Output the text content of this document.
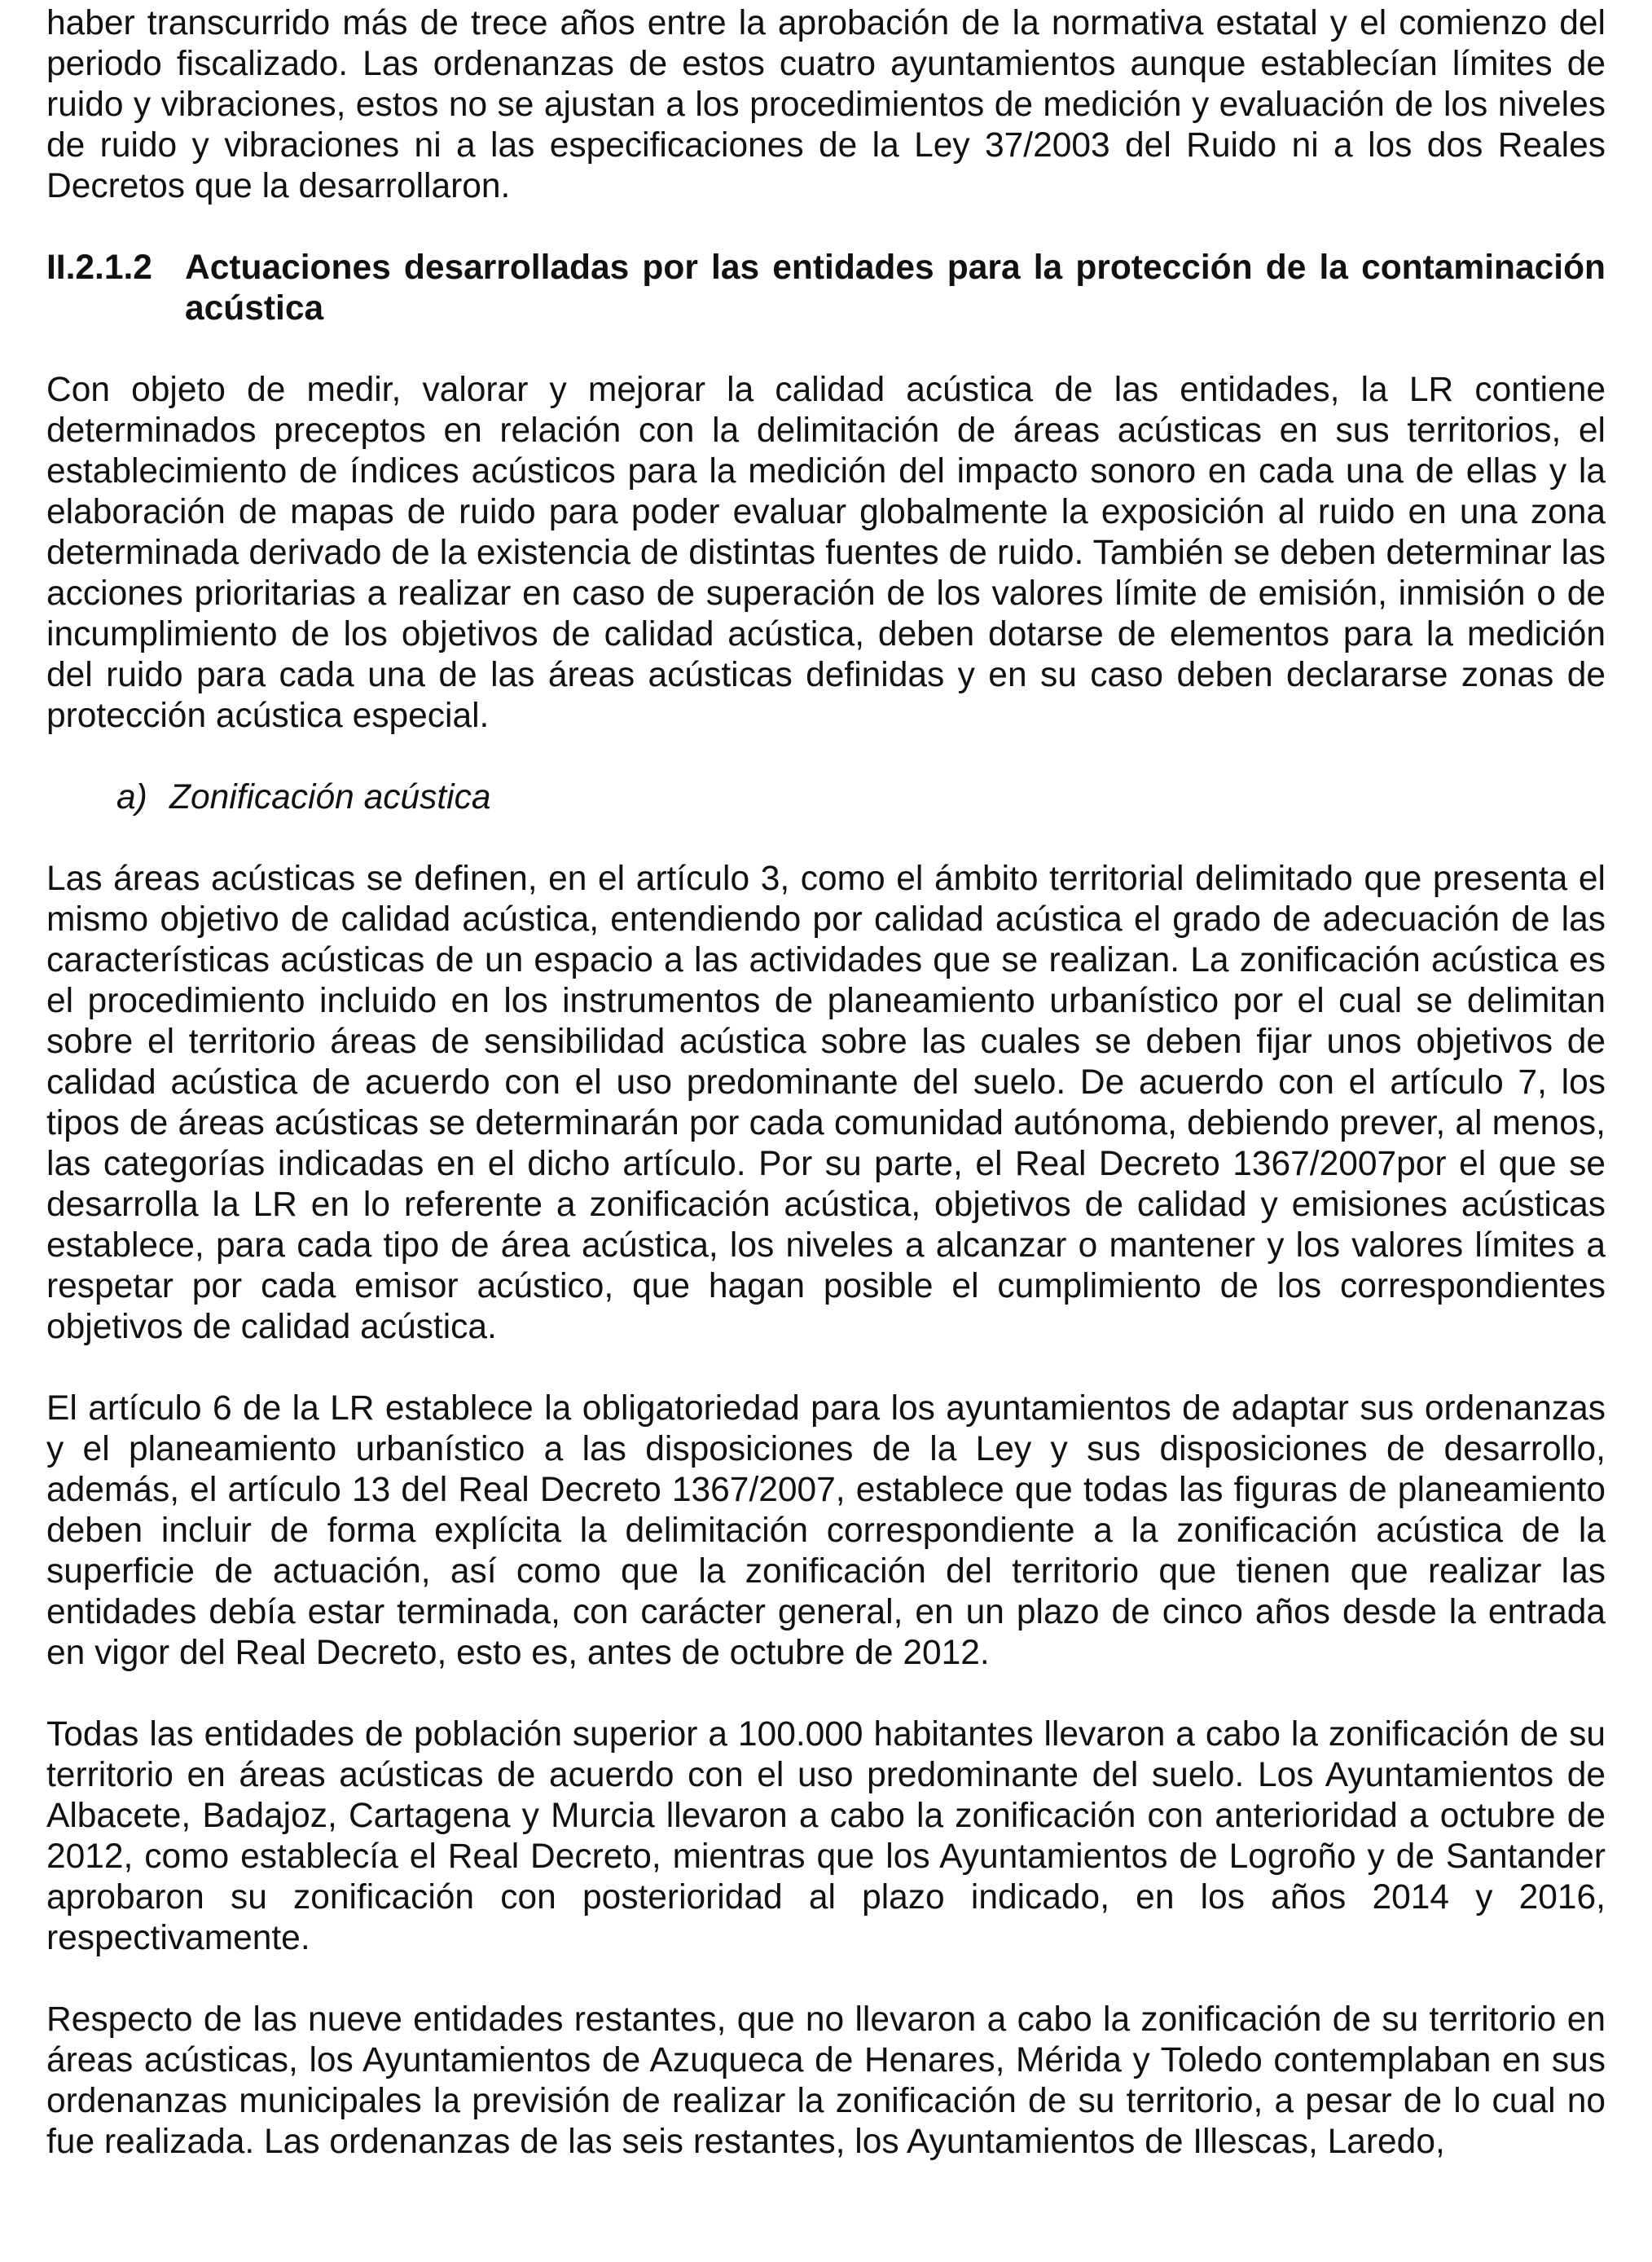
haber transcurrido más de trece años entre la aprobación de la normativa estatal y el comienzo del periodo fiscalizado. Las ordenanzas de estos cuatro ayuntamientos aunque establecían límites de ruido y vibraciones, estos no se ajustan a los procedimientos de medición y evaluación de los niveles de ruido y vibraciones ni a las especificaciones de la Ley 37/2003 del Ruido ni a los dos Reales Decretos que la desarrollaron.

II.2.1.2 Actuaciones desarrolladas por las entidades para la protección de la contaminación acústica

Con objeto de medir, valorar y mejorar la calidad acústica de las entidades, la LR contiene determinados preceptos en relación con la delimitación de áreas acústicas en sus territorios, el establecimiento de índices acústicos para la medición del impacto sonoro en cada una de ellas y la elaboración de mapas de ruido para poder evaluar globalmente la exposición al ruido en una zona determinada derivado de la existencia de distintas fuentes de ruido. También se deben determinar las acciones prioritarias a realizar en caso de superación de los valores límite de emisión, inmisión o de incumplimiento de los objetivos de calidad acústica, deben dotarse de elementos para la medición del ruido para cada una de las áreas acústicas definidas y en su caso deben declararse zonas de protección acústica especial.

a) Zonificación acústica

Las áreas acústicas se definen, en el artículo 3, como el ámbito territorial delimitado que presenta el mismo objetivo de calidad acústica, entendiendo por calidad acústica el grado de adecuación de las características acústicas de un espacio a las actividades que se realizan. La zonificación acústica es el procedimiento incluido en los instrumentos de planeamiento urbanístico por el cual se delimitan sobre el territorio áreas de sensibilidad acústica sobre las cuales se deben fijar unos objetivos de calidad acústica de acuerdo con el uso predominante del suelo. De acuerdo con el artículo 7, los tipos de áreas acústicas se determinarán por cada comunidad autónoma, debiendo prever, al menos, las categorías indicadas en el dicho artículo. Por su parte, el Real Decreto 1367/2007por el que se desarrolla la LR en lo referente a zonificación acústica, objetivos de calidad y emisiones acústicas establece, para cada tipo de área acústica, los niveles a alcanzar o mantener y los valores límites a respetar por cada emisor acústico, que hagan posible el cumplimiento de los correspondientes objetivos de calidad acústica.

El artículo 6 de la LR establece la obligatoriedad para los ayuntamientos de adaptar sus ordenanzas y el planeamiento urbanístico a las disposiciones de la Ley y sus disposiciones de desarrollo, además, el artículo 13 del Real Decreto 1367/2007, establece que todas las figuras de planeamiento deben incluir de forma explícita la delimitación correspondiente a la zonificación acústica de la superficie de actuación, así como que la zonificación del territorio que tienen que realizar las entidades debía estar terminada, con carácter general, en un plazo de cinco años desde la entrada en vigor del Real Decreto, esto es, antes de octubre de 2012.

Todas las entidades de población superior a 100.000 habitantes llevaron a cabo la zonificación de su territorio en áreas acústicas de acuerdo con el uso predominante del suelo. Los Ayuntamientos de Albacete, Badajoz, Cartagena y Murcia llevaron a cabo la zonificación con anterioridad a octubre de 2012, como establecía el Real Decreto, mientras que los Ayuntamientos de Logroño y de Santander aprobaron su zonificación con posterioridad al plazo indicado, en los años 2014 y 2016, respectivamente.

Respecto de las nueve entidades restantes, que no llevaron a cabo la zonificación de su territorio en áreas acústicas, los Ayuntamientos de Azuqueca de Henares, Mérida y Toledo contemplaban en sus ordenanzas municipales la previsión de realizar la zonificación de su territorio, a pesar de lo cual no fue realizada. Las ordenanzas de las seis restantes, los Ayuntamientos de Illescas, Laredo,
